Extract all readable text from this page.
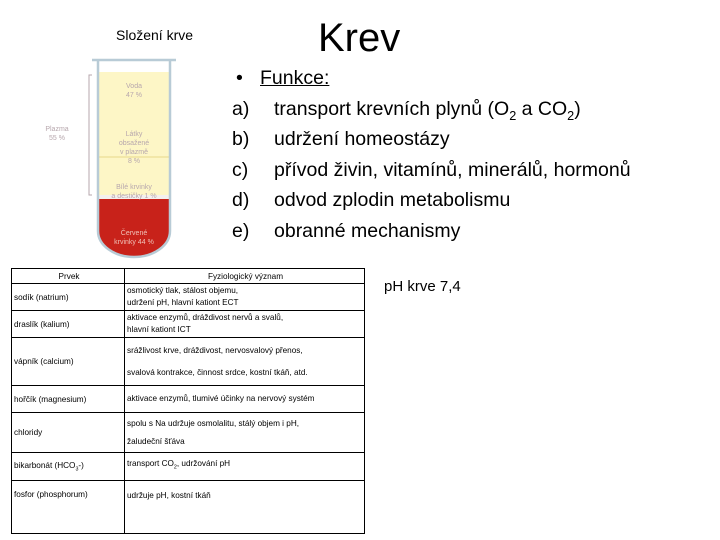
Krev
Složení krve
Voda 47 %
Plazma 55 %
Látky obsažené v plazmě 8 %
Bílé krvinky a destičky 1 %
Červené krvinky 44 %
• Funkce:
a) transport krevních plynů ($O_2$ a $CO_2$)
b) udržení homeostázy
c) přívod živin, vitamínů, minerálů, hormonů
d) odvod zplodin metabolismu
e) obranné mechanismy
pH krve 7,4
Prvek	Fyziologický význam
sodík (natrium)	osmotický tlak, stálost objemu,
udržení pH, hlavní kationt ECT

draslík (kalium)	aktivace enzymů, dráždivost nervů a svalů,
hlavní kationt ICT

vápník (calcium)	srážlivost krve, dráždivost, nervosvalový přenos,
svalová kontrakce, činnost srdce, kostní tkáň, atd.

hořčík (magnesium)	aktivace enzymů, tlumivé účinky na nervový systém

chloridy	spolu s Na udržuje osmolalitu, stálý objem i pH,
žaludeční šťáva

bikarbonát $(HCO_3-)$	transport $CO_2$, udržování pH
fosfor (phosphorum)	udržuje pH, kostní tkáň
